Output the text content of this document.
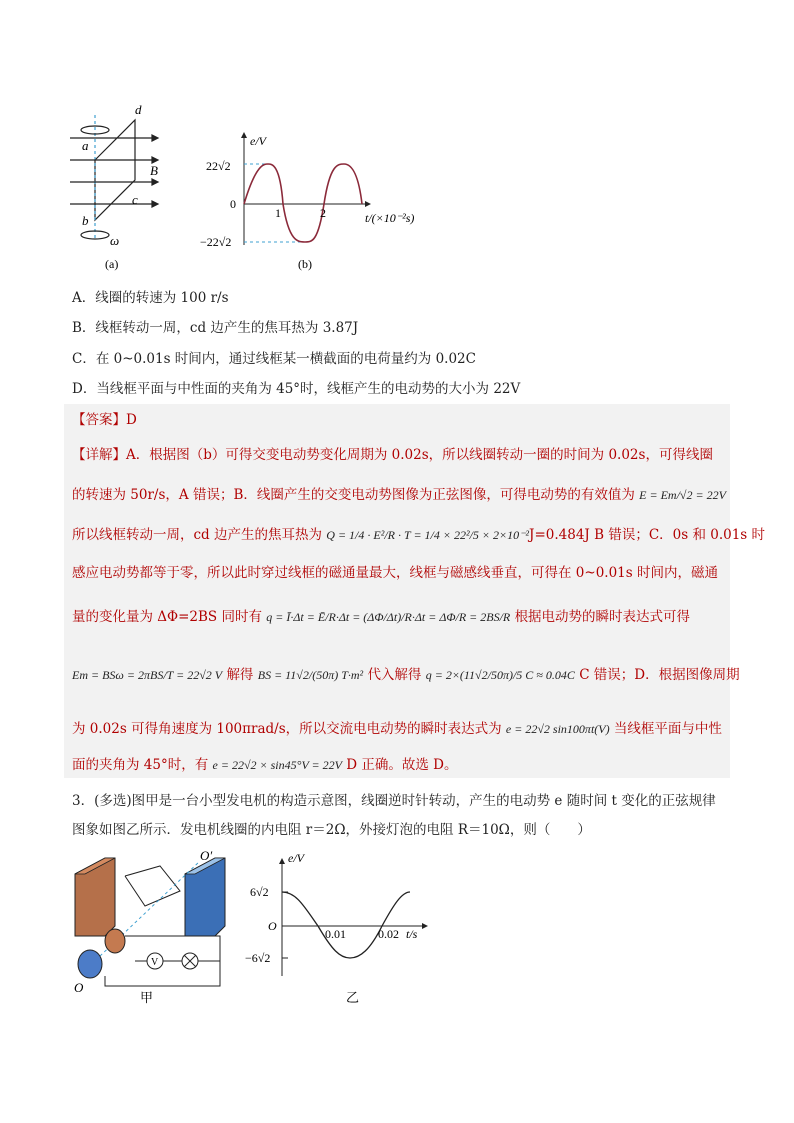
d
a
B
c
b
ω
(a)
e/V
22√2
0
−22√2
1	2	t/(×10⁻²s)
(b)
A．线圈的转速为 100 r/s
B．线框转动一周，cd 边产生的焦耳热为 3.87J
C．在 0~0.01s 时间内，通过线框某一横截面的电荷量约为 0.02C
D．当线框平面与中性面的夹角为 45°时，线框产生的电动势的大小为 22V
【答案】D
【详解】A．根据图（b）可得交变电动势变化周期为 0.02s，所以线圈转动一圈的时间为 0.02s，可得线圈
的转速为 50r/s，A 错误；B．线圈产生的交变电动势图像为正弦图像，可得电动势的有效值为 E = Em/√2 = 22V
所以线框转动一周，cd 边产生的焦耳热为 Q = 1/4 · E²/R · T = 1/4 × 22²/5 × 2×10⁻²J=0.484J B 错误；C．0s 和 0.01s 时
感应电动势都等于零，所以此时穿过线框的磁通量最大，线框与磁感线垂直，可得在 0~0.01s 时间内，磁通
量的变化量为 ΔΦ=2BS 同时有 q = Ī·Δt = Ē/R·Δt = (ΔΦ/Δt)/R·Δt = ΔΦ/R = 2BS/R 根据电动势的瞬时表达式可得
Em = BSω = 2πBS/T = 22√2 V 解得 BS = 11√2/(50π) T·m² 代入解得 q = 2×(11√2/50π)/5 C ≈ 0.04C C 错误；D．根据图像周期
为 0.02s 可得角速度为 100πrad/s，所以交流电电动势的瞬时表达式为 e = 22√2 sin100πt(V) 当线框平面与中性
面的夹角为 45°时，有 e = 22√2 × sin45°V = 22V D 正确。故选 D。
3．(多选)图甲是一台小型发电机的构造示意图，线圈逆时针转动，产生的电动势 e 随时间 t 变化的正弦规律
图象如图乙所示．发电机线圈的内电阻 r＝2Ω，外接灯泡的电阻 R＝10Ω，则（　　）
V
O′
O
甲
e/V
6√2
O
−6√2
0.01	0.02 t/s
乙
